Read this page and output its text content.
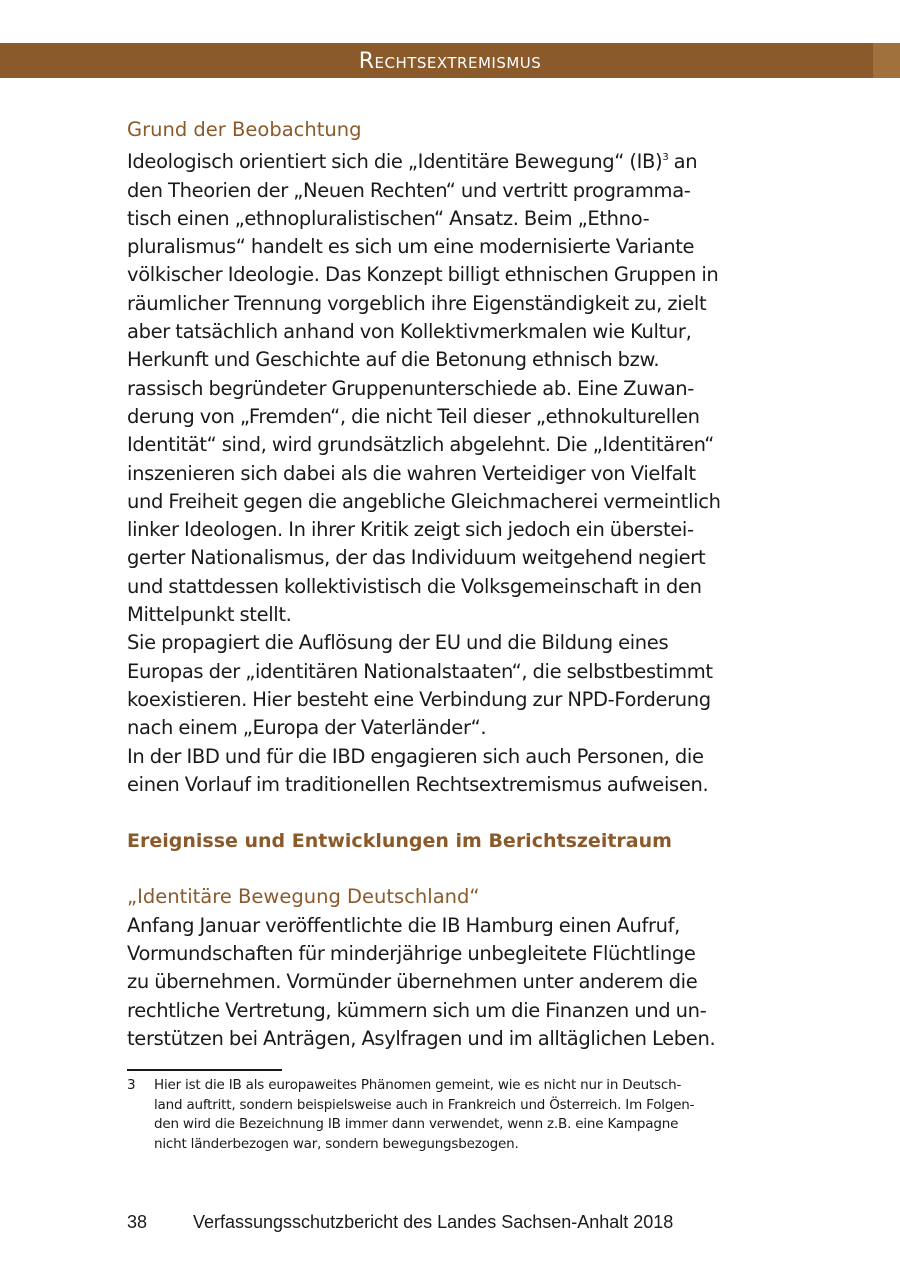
Rechtsextremismus

Grund der Beobachtung

Ideologisch orientiert sich die „Identitäre Bewegung“ (IB)$^3$ an
den Theorien der „Neuen Rechten“ und vertritt programma-
tisch einen „ethnopluralistischen“ Ansatz. Beim „Ethno-
pluralismus“ handelt es sich um eine modernisierte Variante
völkischer Ideologie. Das Konzept billigt ethnischen Gruppen in
räumlicher Trennung vorgeblich ihre Eigenständigkeit zu, zielt
aber tatsächlich anhand von Kollektivmerkmalen wie Kultur,
Herkunft und Geschichte auf die Betonung ethnisch bzw.
rassisch begründeter Gruppenunterschiede ab. Eine Zuwan-
derung von „Fremden“, die nicht Teil dieser „ethnokulturellen
Identität“ sind, wird grundsätzlich abgelehnt. Die „Identitären“
inszenieren sich dabei als die wahren Verteidiger von Vielfalt
und Freiheit gegen die angebliche Gleichmacherei vermeintlich
linker Ideologen. In ihrer Kritik zeigt sich jedoch ein überstei-
gerter Nationalismus, der das Individuum weitgehend negiert
und stattdessen kollektivistisch die Volksgemeinschaft in den
Mittelpunkt stellt.

Sie propagiert die Auflösung der EU und die Bildung eines
Europas der „identitären Nationalstaaten“, die selbstbestimmt
koexistieren. Hier besteht eine Verbindung zur NPD-Forderung
nach einem „Europa der Vaterländer“.

In der IBD und für die IBD engagieren sich auch Personen, die
einen Vorlauf im traditionellen Rechtsextremismus aufweisen.

Ereignisse und Entwicklungen im Berichtszeitraum

„Identitäre Bewegung Deutschland“

Anfang Januar veröffentlichte die IB Hamburg einen Aufruf,
Vormundschaften für minderjährige unbegleitete Flüchtlinge
zu übernehmen. Vormünder übernehmen unter anderem die
rechtliche Vertretung, kümmern sich um die Finanzen und un-
terstützen bei Anträgen, Asylfragen und im alltäglichen Leben.

3 Hier ist die IB als europaweites Phänomen gemeint, wie es nicht nur in Deutsch-
land auftritt, sondern beispielsweise auch in Frankreich und Österreich. Im Folgen-
den wird die Bezeichnung IB immer dann verwendet, wenn z.B. eine Kampagne
nicht länderbezogen war, sondern bewegungsbezogen.
38	Verfassungsschutzbericht des Landes Sachsen-Anhalt 2018
